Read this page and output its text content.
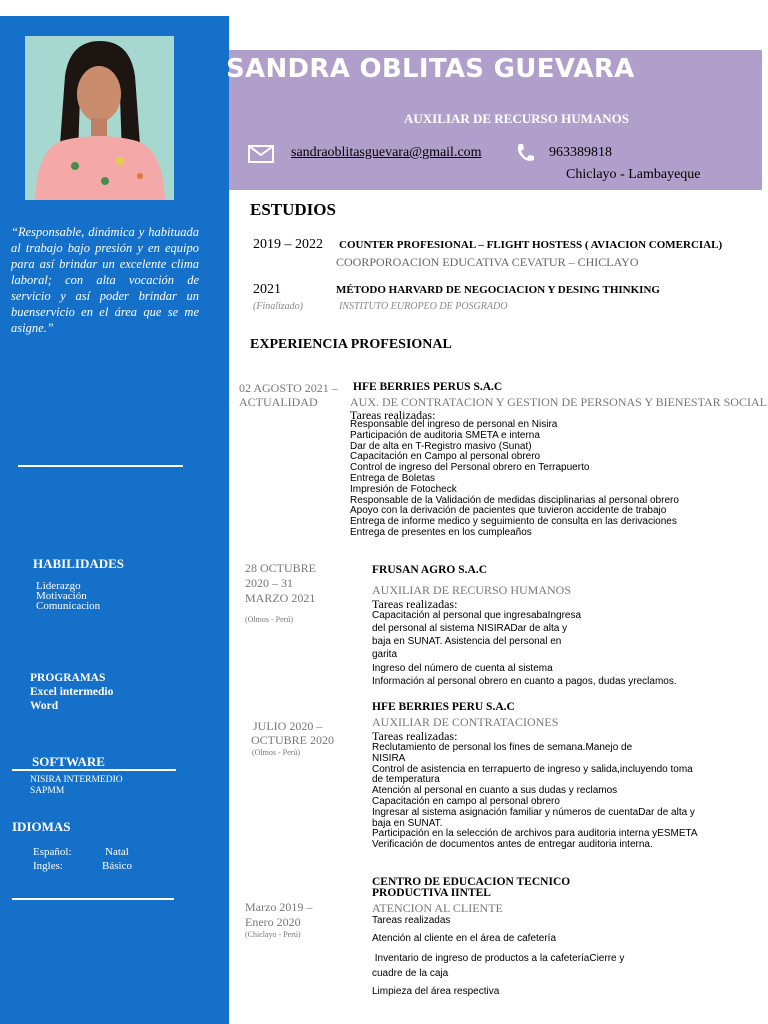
SANDRA OBLITAS GUEVARA
AUXILIAR DE RECURSO HUMANOS
sandraoblitasguevara@gmail.com	963389818
Chiclayo - Lambayeque
“Responsable, dinámica y habituada al trabajo bajo presión y en equipo para así brindar un excelente clima laboral; con alta vocación de servicio y así poder brindar un buenservicio en el área que se me asigne.”
HABILIDADES
Liderazgo
Motivación
Comunicacion
PROGRAMAS
Excel intermedio
Word
SOFTWARE
NISIRA INTERMEDIO
SAPMM
IDIOMAS
Español:	Natal
Ingles:	Básico
ESTUDIOS
2019 – 2022 COUNTER PROFESIONAL – FLIGHT HOSTESS ( AVIACION COMERCIAL)
COORPOROACION EDUCATIVA CEVATUR – CHICLAYO
2021	MÉTODO HARVARD DE NEGOCIACION Y DESING THINKING
(Finalizado)	INSTITUTO EUROPEO DE POSGRADO
EXPERIENCIA PROFESIONAL
02 AGOSTO 2021 –
ACTUALIDAD
HFE BERRIES PERUS S.A.C
AUX. DE CONTRATACION Y GESTION DE PERSONAS Y BIENESTAR SOCIAL
Tareas realizadas:
Responsable del ingreso de personal en Nisira
Participación de auditoria SMETA e interna
Dar de alta en T-Registro masivo (Sunat)
Capacitación en Campo al personal obrero
Control de ingreso del Personal obrero en Terrapuerto
Entrega de Boletas
Impresión de Fotocheck
Responsable de la Validación de medidas disciplinarias al personal obrero
Apoyo con la derivación de pacientes que tuvieron accidente de trabajo
Entrega de informe medico y seguimiento de consulta en las derivaciones
Entrega de presentes en los cumpleaños
28 OCTUBRE
2020 – 31
MARZO 2021
(Olmos - Perú)
FRUSAN AGRO S.A.C
AUXILIAR DE RECURSO HUMANOS
Tareas realizadas:
Capacitación al personal que ingresabaIngresa
del personal al sistema NISIRADar de alta y
baja en SUNAT. Asistencia del personal en
garita
Ingreso del número de cuenta al sistema
Información al personal obrero en cuanto a pagos, dudas yreclamos.
JULIO 2020 –
OCTUBRE 2020
(Olmos - Perú)
HFE BERRIES PERU S.A.C
AUXILIAR DE CONTRATACIONES
Tareas realizadas:
Reclutamiento de personal los fines de semana.Manejo de
NISIRA
Control de asistencia en terrapuerto de ingreso y salida,incluyendo toma
de temperatura
Atención al personal en cuanto a sus dudas y reclamos
Capacitación en campo al personal obrero
Ingresar al sistema asignación familiar y números de cuentaDar de alta y
baja en SUNAT.
Participación en la selección de archivos para auditoria interna yESMETA
Verificación de documentos antes de entregar auditoria interna.
Marzo 2019 –
Enero 2020
(Chiclayo - Perú)
CENTRO DE EDUCACION TECNICO
PRODUCTIVA IINTEL
ATENCION AL CLIENTE
Tareas realizadas
Atención al cliente en el área de cafetería
Inventario de ingreso de productos a la cafeteríaCierre y
cuadre de la caja
Limpieza del área respectiva
